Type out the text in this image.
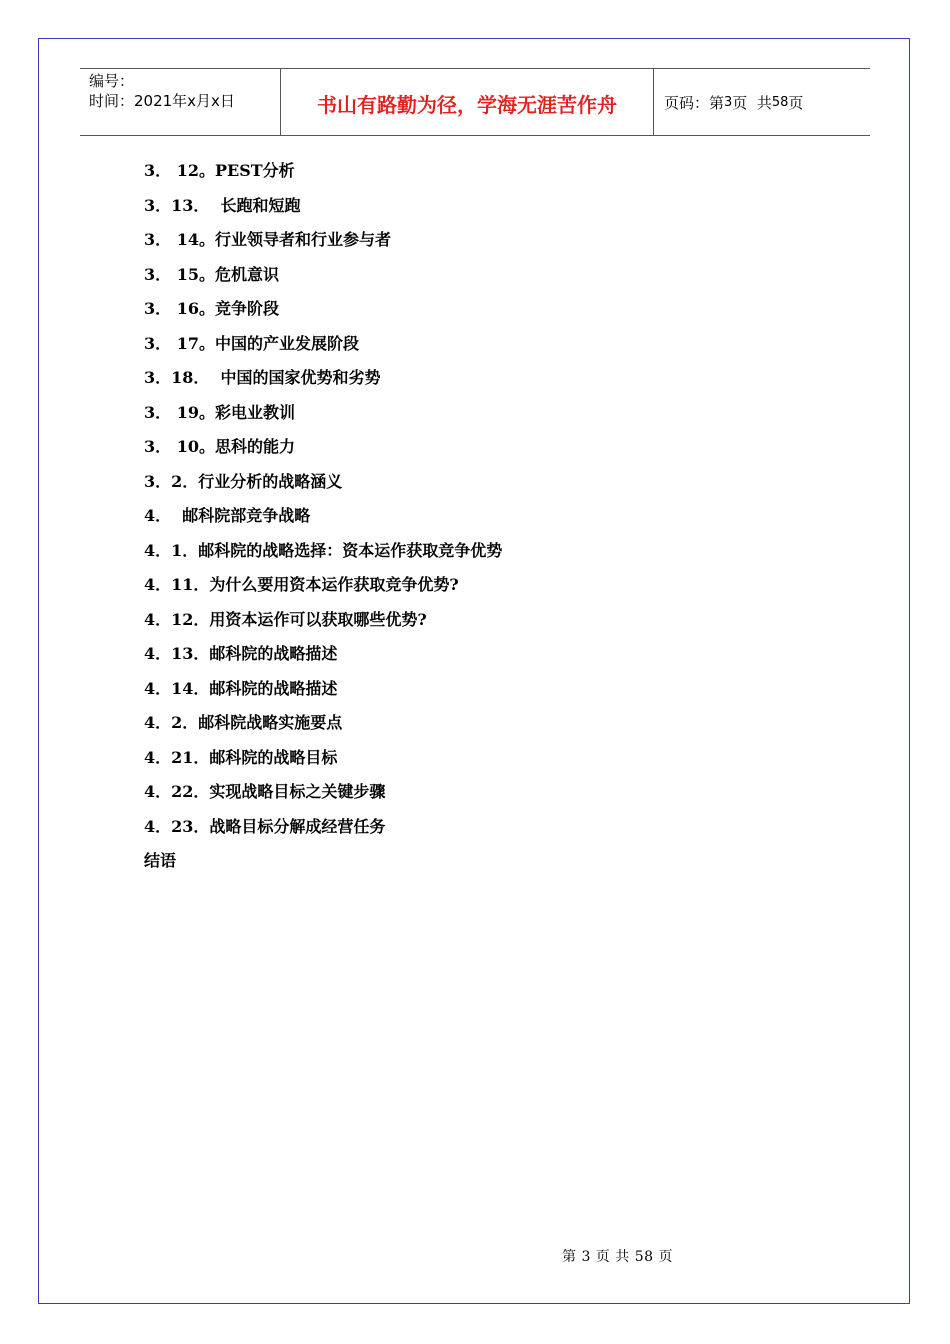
编号：
时间：2021年x月x日	书山有路勤为径，学海无涯苦作舟	页码：第 3 页  共 58 页
3． 12。PEST分析
3．13．  长跑和短跑
3． 14。行业领导者和行业参与者
3． 15。危机意识
3． 16。竞争阶段
3． 17。中国的产业发展阶段
3．18．  中国的国家优势和劣势
3． 19。彩电业教训
3． 10。思科的能力
3．2．行业分析的战略涵义
4．  邮科院部竞争战略
4．1．邮科院的战略选择：资本运作获取竞争优势
4．11．为什么要用资本运作获取竞争优势?
4．12．用资本运作可以获取哪些优势?
4．13．邮科院的战略描述
4．14．邮科院的战略描述
4．2．邮科院战略实施要点
4．21．邮科院的战略目标
4．22．实现战略目标之关键步骤
4．23．战略目标分解成经营任务
结语
第 3 页 共 58 页
